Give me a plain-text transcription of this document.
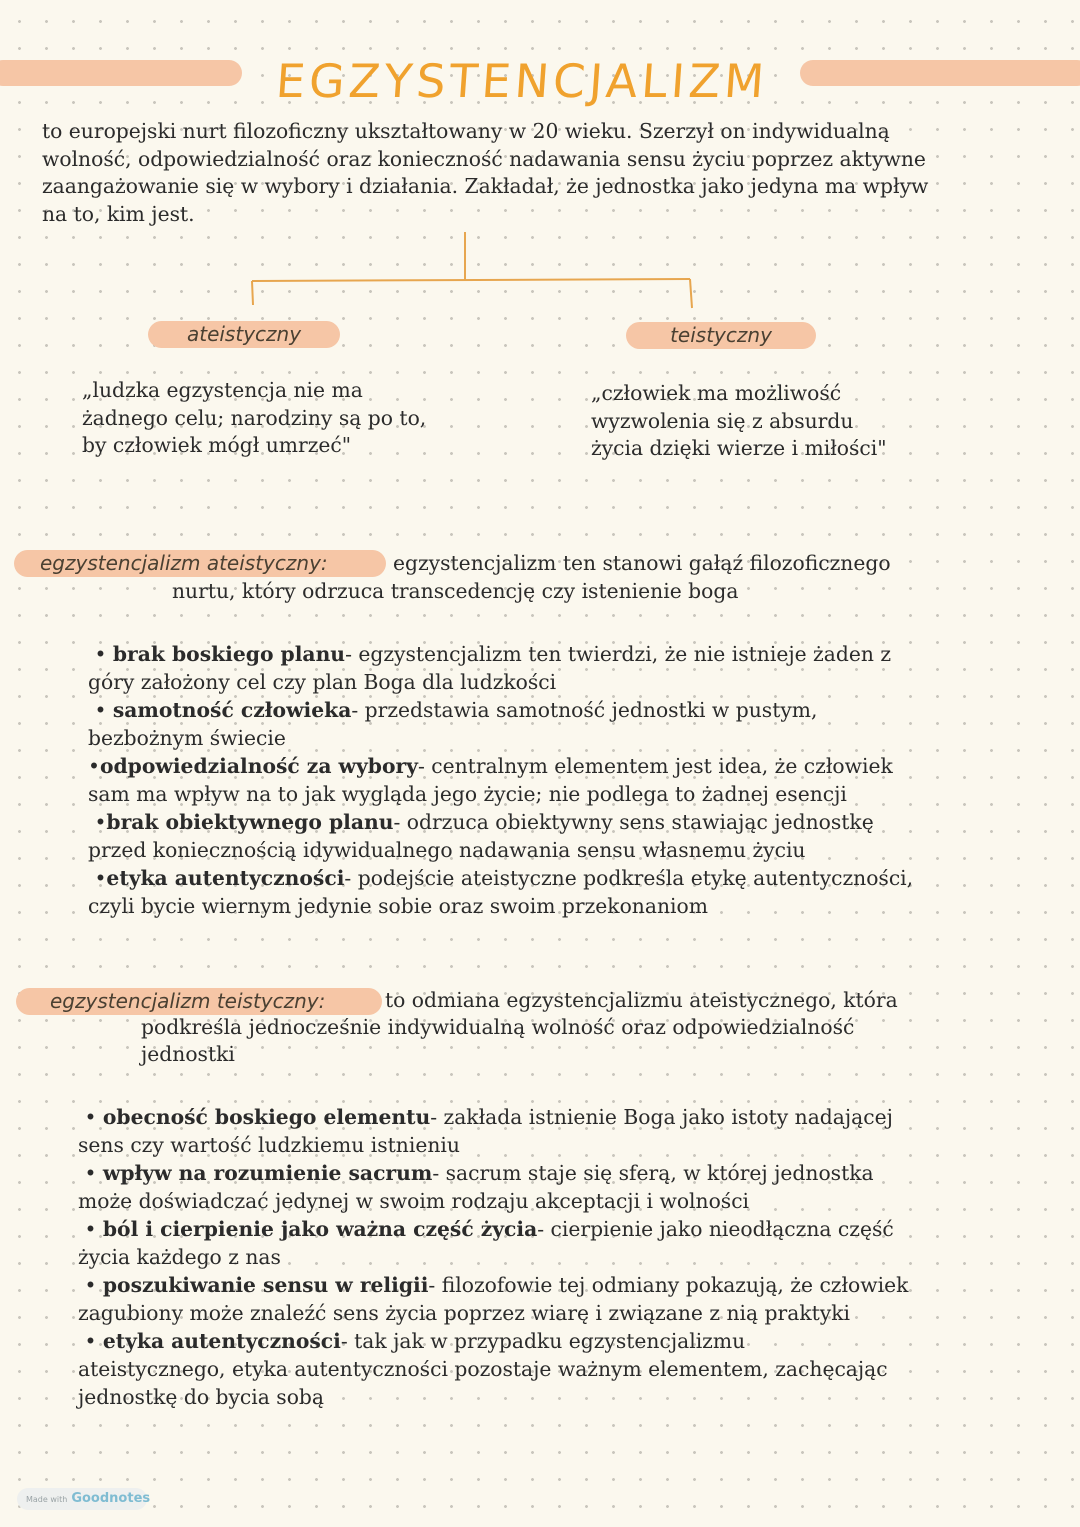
EGZYSTENCJALIZM
to europejski nurt filozoficzny ukształtowany w 20 wieku. Szerzył on indywidualną
wolność, odpowiedzialność oraz konieczność nadawania sensu życiu poprzez aktywne
zaangażowanie się w wybory i działania. Zakładał, że jednostka jako jedyna ma wpływ
na to, kim jest.
ateistyczny	teistyczny
„ludzka egzystencja nie ma
żadnego celu; narodziny są po to,
by człowiek mógł umrzeć"
„człowiek ma możliwość
wyzwolenia się z absurdu
życia dzięki wierze i miłości"
egzystencjalizm ateistyczny:	egzystencjalizm ten stanowi gałąź filozoficznego
nurtu, który odrzuca transcedencję czy istenienie boga
• brak boskiego planu- egzystencjalizm ten twierdzi, że nie istnieje żaden z
góry założony cel czy plan Boga dla ludzkości
• samotność człowieka- przedstawia samotność jednostki w pustym,
bezbożnym świecie
•odpowiedzialność za wybory- centralnym elementem jest idea, że człowiek
sam ma wpływ na to jak wygląda jego życie; nie podlega to żadnej esencji
•brak obiektywnego planu- odrzuca obiektywny sens stawiając jednostkę
przed koniecznością idywidualnego nadawania sensu własnemu życiu
•etyka autentyczności- podejście ateistyczne podkreśla etykę autentyczności,
czyli bycie wiernym jedynie sobie oraz swoim przekonaniom
egzystencjalizm teistyczny:	to odmiana egzystencjalizmu ateistycznego, która
podkreśla jednocześnie indywidualną wolność oraz odpowiedzialność
jednostki
• obecność boskiego elementu- zakłada istnienie Boga jako istoty nadającej
sens czy wartość ludzkiemu istnieniu
• wpływ na rozumienie sacrum- sacrum staje się sferą, w której jednostka
może doświadczać jedynej w swoim rodzaju akceptacji i wolności
• ból i cierpienie jako ważna część życia- cierpienie jako nieodłączna część
życia każdego z nas
• poszukiwanie sensu w religii- filozofowie tej odmiany pokazują, że człowiek
zagubiony może znaleźć sens życia poprzez wiarę i związane z nią praktyki
• etyka autentyczności- tak jak w przypadku egzystencjalizmu
ateistycznego, etyka autentyczności pozostaje ważnym elementem, zachęcając
jednostkę do bycia sobą
Made with Goodnotes
